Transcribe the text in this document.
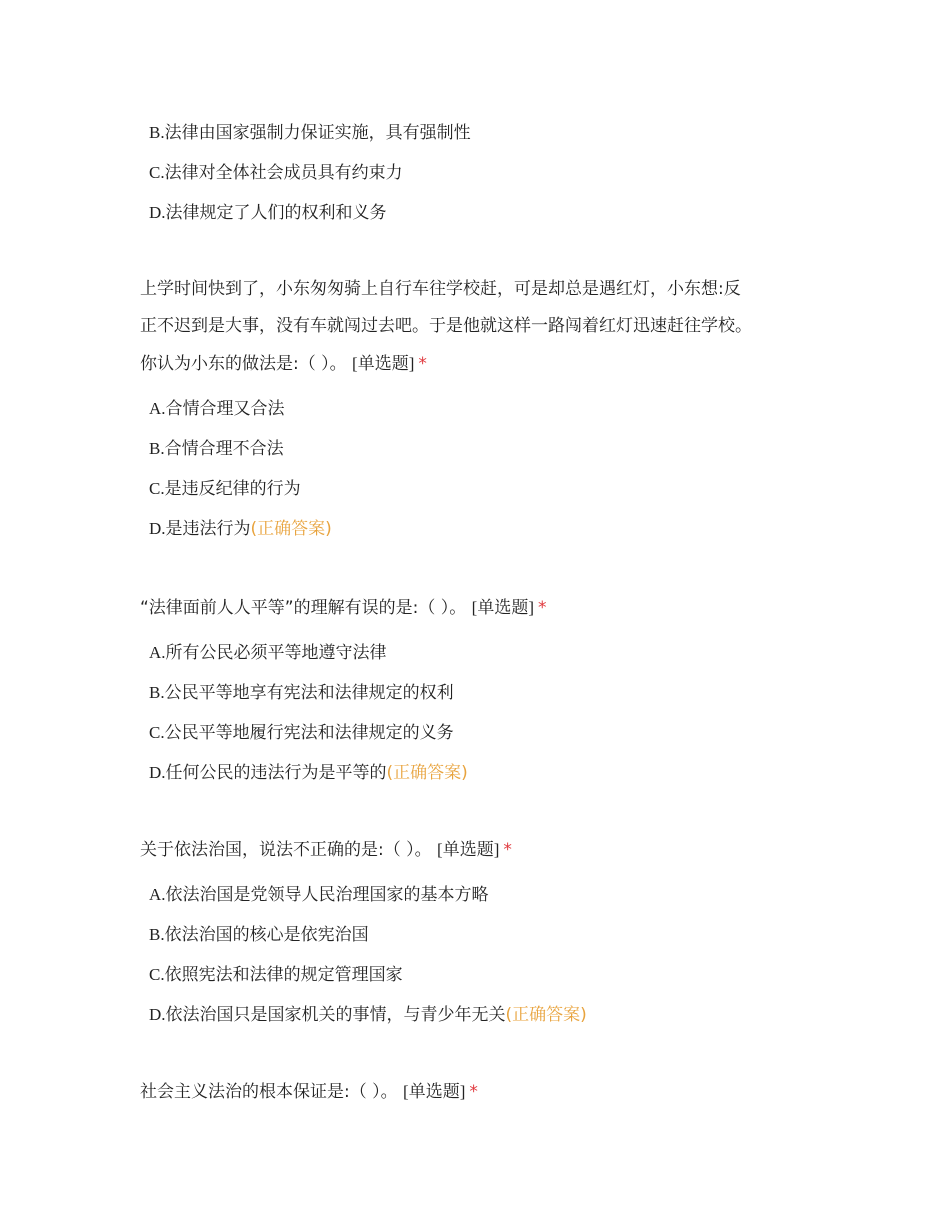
B.法律由国家强制力保证实施，具有强制性
C.法律对全体社会成员具有约束力
D.法律规定了人们的权利和义务

上学时间快到了，小东匆匆骑上自行车往学校赶，可是却总是遇红灯，小东想:反
正不迟到是大事，没有车就闯过去吧。于是他就这样一路闯着红灯迅速赶往学校。
你认为小东的做法是:（ ）。 [单选题] *

A.合情合理又合法
B.合情合理不合法
C.是违反纪律的行为
D.是违法行为(正确答案)

“法律面前人人平等”的理解有误的是:（ ）。 [单选题] *

A.所有公民必须平等地遵守法律
B.公民平等地享有宪法和法律规定的权利
C.公民平等地履行宪法和法律规定的义务
D.任何公民的违法行为是平等的(正确答案)

关于依法治国，说法不正确的是:（ ）。 [单选题] *

A.依法治国是党领导人民治理国家的基本方略
B.依法治国的核心是依宪治国
C.依照宪法和法律的规定管理国家
D.依法治国只是国家机关的事情，与青少年无关(正确答案)

社会主义法治的根本保证是:（ ）。 [单选题] *
